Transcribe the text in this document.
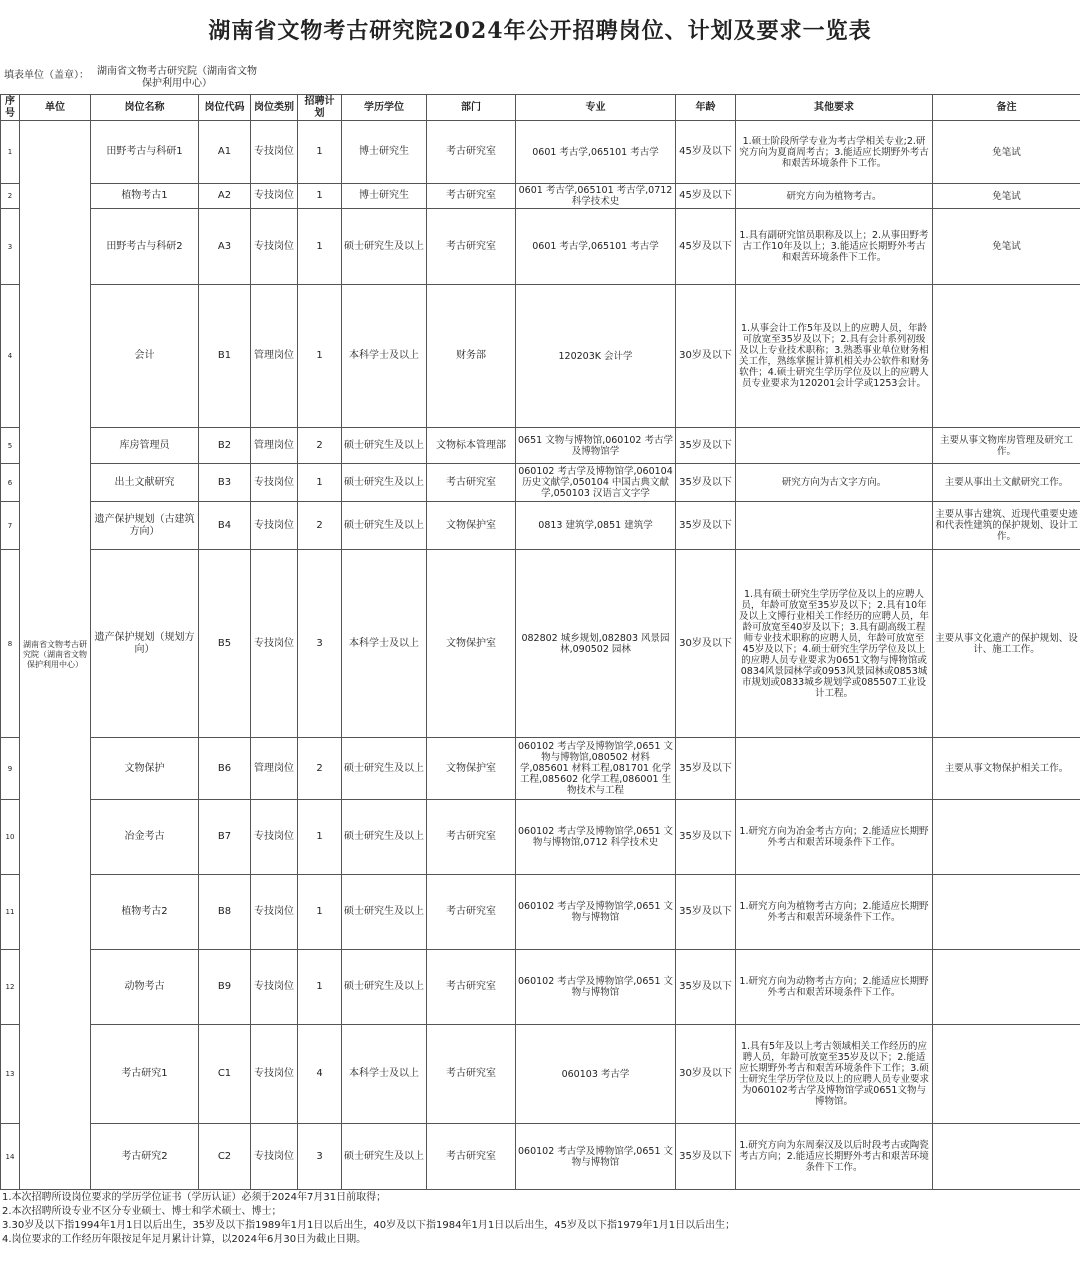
湖南省文物考古研究院2024年公开招聘岗位、计划及要求一览表
填表单位（盖章）： 湖南省文物考古研究院（湖南省文物保护利用中心）
序号	单位	岗位名称	岗位代码	岗位类别	招聘计划	学历学位	部门	专业	年龄	其他要求	备注
1	湖南省文物考古研究院（湖南省文物保护利用中心）	田野考古与科研1	A1	专技岗位	1	博士研究生	考古研究室	0601 考古学,065101 考古学	45岁及以下	1.硕士阶段所学专业为考古学相关专业;2.研究方向为夏商周考古；3.能适应长期野外考古和艰苦环境条件下工作。	免笔试
2		植物考古1	A2	专技岗位	1	博士研究生	考古研究室	0601 考古学,065101 考古学,0712 科学技术史	45岁及以下	研究方向为植物考古。	免笔试
3		田野考古与科研2	A3	专技岗位	1	硕士研究生及以上	考古研究室	0601 考古学,065101 考古学	45岁及以下	1.具有副研究馆员职称及以上；2.从事田野考古工作10年及以上；3.能适应长期野外考古和艰苦环境条件下工作。	免笔试
4		会计	B1	管理岗位	1	本科学士及以上	财务部	120203K 会计学	30岁及以下	1.从事会计工作5年及以上的应聘人员，年龄可放宽至35岁及以下；2.具有会计系列初级及以上专业技术职称；3.熟悉事业单位财务相关工作，熟练掌握计算机相关办公软件和财务软件；4.硕士研究生学历学位及以上的应聘人员专业要求为120201会计学或1253会计。	
5		库房管理员	B2	管理岗位	2	硕士研究生及以上	文物标本管理部	0651 文物与博物馆,060102 考古学及博物馆学	35岁及以下		主要从事文物库房管理及研究工作。
6		出土文献研究	B3	专技岗位	1	硕士研究生及以上	考古研究室	060102 考古学及博物馆学,060104 历史文献学,050104 中国古典文献学,050103 汉语言文字学	35岁及以下	研究方向为古文字方向。	主要从事出土文献研究工作。
7		遗产保护规划（古建筑方向）	B4	专技岗位	2	硕士研究生及以上	文物保护室	0813 建筑学,0851 建筑学	35岁及以下		主要从事古建筑、近现代重要史迹和代表性建筑的保护规划、设计工作。
8		遗产保护规划（规划方向）	B5	专技岗位	3	本科学士及以上	文物保护室	082802 城乡规划,082803 风景园林,090502 园林	30岁及以下	1.具有硕士研究生学历学位及以上的应聘人员，年龄可放宽至35岁及以下；2.具有10年及以上文博行业相关工作经历的应聘人员，年龄可放宽至40岁及以下；3.具有副高级工程师专业技术职称的应聘人员，年龄可放宽至45岁及以下；4.硕士研究生学历学位及以上的应聘人员专业要求为0651文物与博物馆或0834风景园林学或0953风景园林或0853城市规划或0833城乡规划学或085507工业设计工程。	主要从事文化遗产的保护规划、设计、施工工作。
9		文物保护	B6	管理岗位	2	硕士研究生及以上	文物保护室	060102 考古学及博物馆学,0651 文物与博物馆,080502 材料学,085601 材料工程,081701 化学工程,085602 化学工程,086001 生物技术与工程	35岁及以下		主要从事文物保护相关工作。
10		冶金考古	B7	专技岗位	1	硕士研究生及以上	考古研究室	060102 考古学及博物馆学,0651 文物与博物馆,0712 科学技术史	35岁及以下	1.研究方向为冶金考古方向；2.能适应长期野外考古和艰苦环境条件下工作。	
11		植物考古2	B8	专技岗位	1	硕士研究生及以上	考古研究室	060102 考古学及博物馆学,0651 文物与博物馆	35岁及以下	1.研究方向为植物考古方向；2.能适应长期野外考古和艰苦环境条件下工作。	
12		动物考古	B9	专技岗位	1	硕士研究生及以上	考古研究室	060102 考古学及博物馆学,0651 文物与博物馆	35岁及以下	1.研究方向为动物考古方向；2.能适应长期野外考古和艰苦环境条件下工作。	
13		考古研究1	C1	专技岗位	4	本科学士及以上	考古研究室	060103 考古学	30岁及以下	1.具有5年及以上考古领域相关工作经历的应聘人员，年龄可放宽至35岁及以下；2.能适应长期野外考古和艰苦环境条件下工作；3.硕士研究生学历学位及以上的应聘人员专业要求为060102考古学及博物馆学或0651文物与博物馆。	
14		考古研究2	C2	专技岗位	3	硕士研究生及以上	考古研究室	060102 考古学及博物馆学,0651 文物与博物馆	35岁及以下	1.研究方向为东周秦汉及以后时段考古或陶瓷考古方向；2.能适应长期野外考古和艰苦环境条件下工作。	
1.本次招聘所设岗位要求的学历学位证书（学历认证）必须于2024年7月31日前取得；
2.本次招聘所设专业不区分专业硕士、博士和学术硕士、博士；
3.30岁及以下指1994年1月1日以后出生，35岁及以下指1989年1月1日以后出生，40岁及以下指1984年1月1日以后出生，45岁及以下指1979年1月1日以后出生；
4.岗位要求的工作经历年限按足年足月累计计算，以2024年6月30日为截止日期。
